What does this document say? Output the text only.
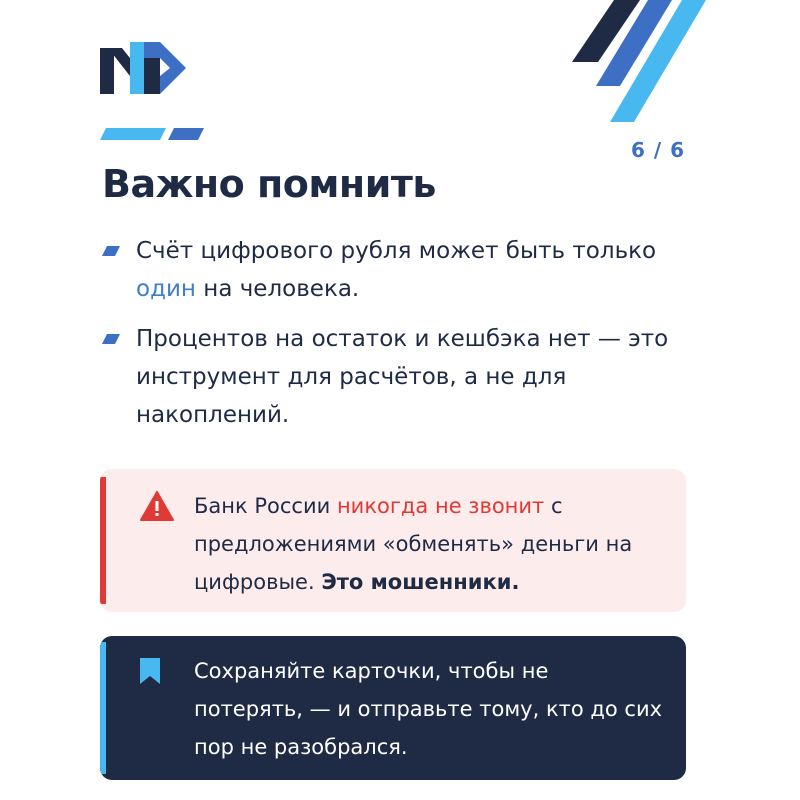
6 / 6
Важно помнить
Счёт цифрового рубля может быть только один на человека.
Процентов на остаток и кешбэка нет — это инструмент для расчётов, а не для накоплений.
Банк России никогда не звонит с предложениями «обменять» деньги на цифровые. Это мошенники.
Сохраняйте карточки, чтобы не потерять, — и отправьте тому, кто до сих пор не разобрался.
